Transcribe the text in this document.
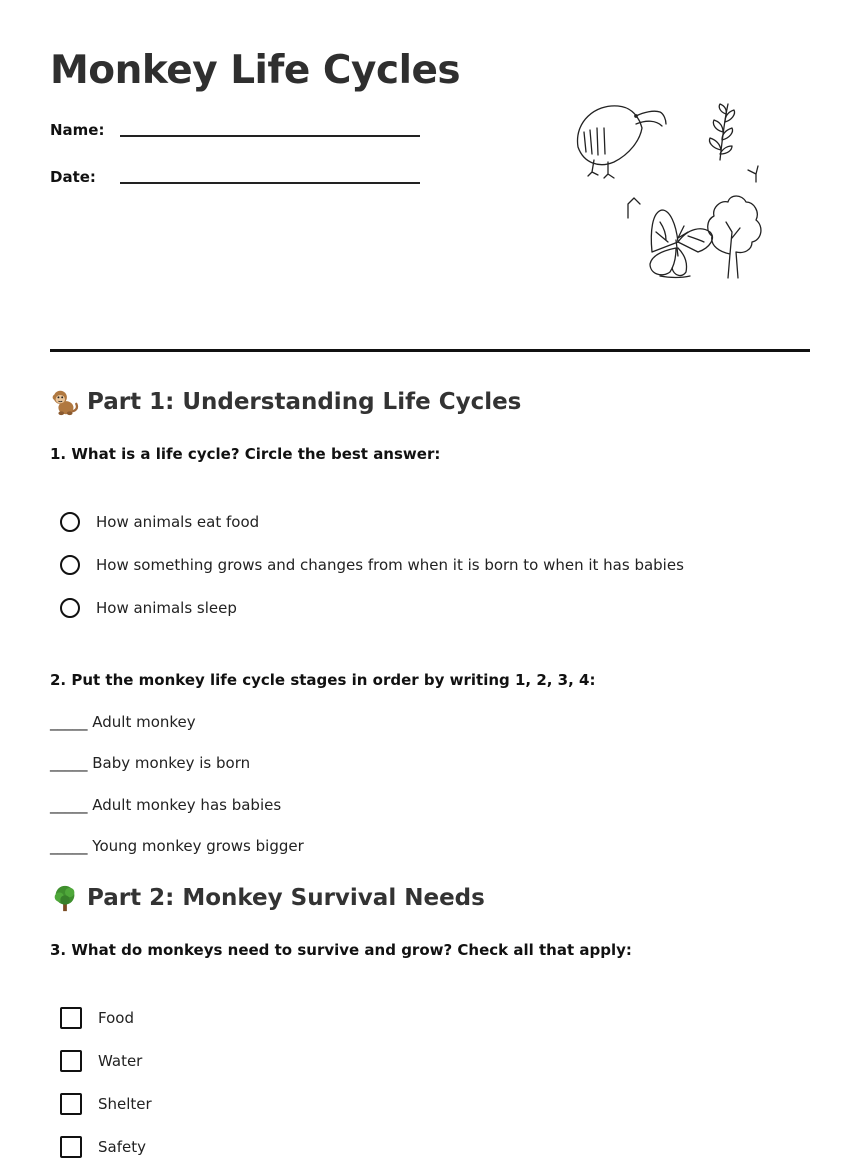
Monkey Life Cycles
Name:
Date:
Part 1: Understanding Life Cycles
1. What is a life cycle? Circle the best answer:
How animals eat food
How something grows and changes from when it is born to when it has babies
How animals sleep
2. Put the monkey life cycle stages in order by writing 1, 2, 3, 4:
_____ Adult monkey
_____ Baby monkey is born
_____ Adult monkey has babies
_____ Young monkey grows bigger
Part 2: Monkey Survival Needs
3. What do monkeys need to survive and grow? Check all that apply:
Food
Water
Shelter
Safety
